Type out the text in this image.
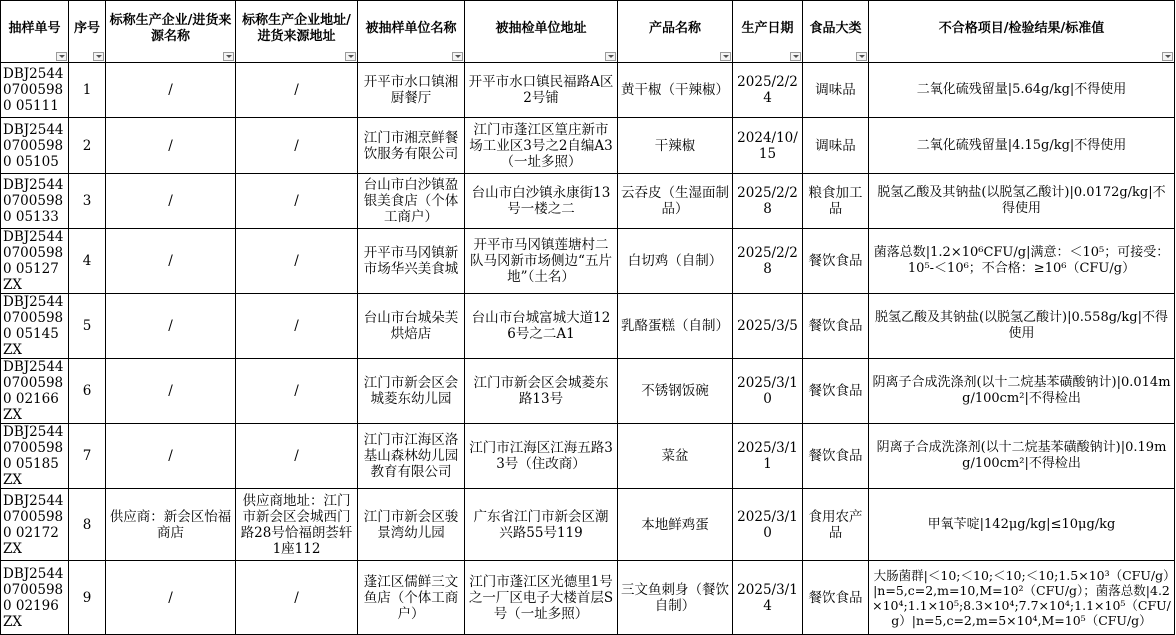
抽样单号	序号	标称生产企业/进货来源名称	标称生产企业地址/进货来源地址	被抽样单位名称	被抽检单位地址	产品名称	生产日期	食品大类	不合格项目/检验结果/标准值

DBJ254407005980 05111	1	/	/	开平市水口镇湘厨餐厅	开平市水口镇民福路A区2号铺	黄干椒（干辣椒）	2025/2/24	调味品	二氧化硫残留量|5.64g/kg|不得使用
DBJ254407005980 05105	2	/	/	江门市湘烹鲜餐饮服务有限公司	江门市蓬江区篁庄新市场工业区3号之2自编A3（一址多照）	干辣椒	2024/10/15	调味品	二氧化硫残留量|4.15g/kg|不得使用
DBJ254407005980 05133	3	/	/	台山市白沙镇盈银美食店（个体工商户）	台山市白沙镇永康街13号一楼之二	云吞皮（生湿面制品）	2025/2/28	粮食加工品	脱氢乙酸及其钠盐(以脱氢乙酸计)|0.0172g/kg|不得使用
DBJ254407005980 05127ZX	4	/	/	开平市马冈镇新市场华兴美食城	开平市马冈镇莲塘村二队马冈新市场侧边“五片地”（土名）	白切鸡（自制）	2025/2/28	餐饮食品	菌落总数|1.2×10⁶CFU/g|满意：＜10⁵；可接受：10⁵-＜10⁶；不合格：≥10⁶（CFU/g）
DBJ254407005980 05145ZX	5	/	/	台山市台城朵芙烘焙店	台山市台城富城大道126号之二A1	乳酪蛋糕（自制）	2025/3/5	餐饮食品	脱氢乙酸及其钠盐(以脱氢乙酸计)|0.558g/kg|不得使用
DBJ254407005980 02166ZX	6	/	/	江门市新会区会城菱东幼儿园	江门市新会区会城菱东路13号	不锈钢饭碗	2025/3/10	餐饮食品	阴离子合成洗涤剂(以十二烷基苯磺酸钠计)|0.014mg/100cm²|不得检出
DBJ254407005980 05185ZX	7	/	/	江门市江海区洛基山森林幼儿园教育有限公司	江门市江海区江海五路33号（住改商）	菜盆	2025/3/11	餐饮食品	阴离子合成洗涤剂(以十二烷基苯磺酸钠计)|0.19mg/100cm²|不得检出
DBJ254407005980 02172ZX	8	供应商：新会区怡福商店	供应商地址：江门市新会区会城西门路28号恰福朗荟轩1座112	江门市新会区骏景湾幼儿园	广东省江门市新会区潮兴路55号119	本地鲜鸡蛋	2025/3/10	食用农产品	甲氧苄啶|142μg/kg|≤10μg/kg
DBJ254407005980 02196ZX	9	/	/	蓬江区儒鲜三文鱼店（个体工商户）	江门市蓬江区光德里1号之一厂区电子大楼首层S号（一址多照）	三文鱼刺身（餐饮自制）	2025/3/14	餐饮食品	大肠菌群|＜10;＜10;＜10;＜10;1.5×10³（CFU/g）|n=5,c=2,m=10,M=10²（CFU/g）；菌落总数|4.2×10⁴;1.1×10⁵;8.3×10⁴;7.7×10⁴;1.1×10⁵（CFU/g）|n=5,c=2,m=5×10⁴,M=10⁵（CFU/g）
